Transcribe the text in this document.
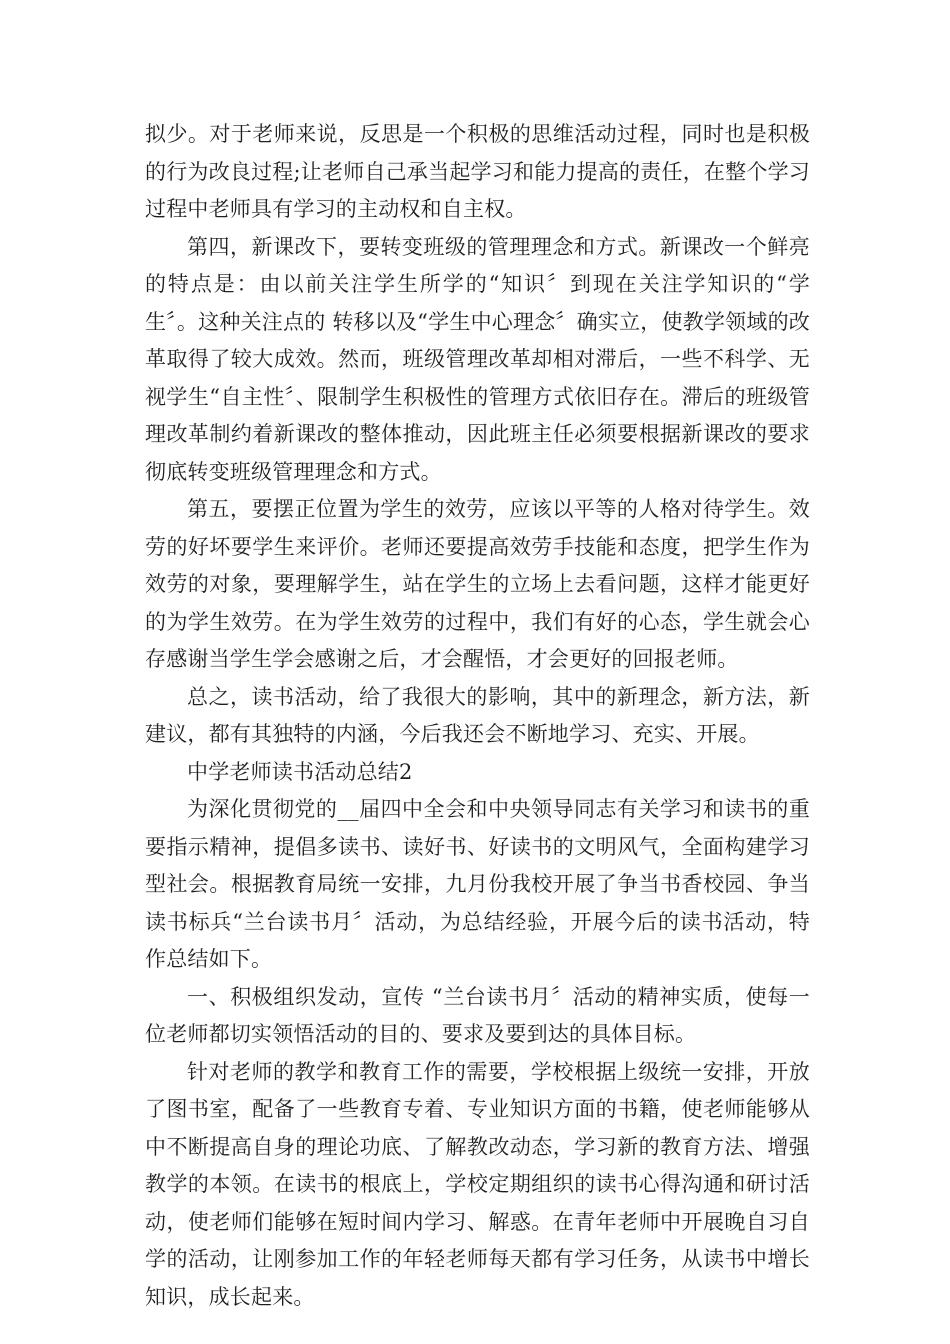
拟少。对于老师来说，反思是一个积极的思维活动过程，同时也是积极的行为改良过程;让老师自己承当起学习和能力提高的责任，在整个学习过程中老师具有学习的主动权和自主权。

第四，新课改下，要转变班级的管理理念和方式。新课改一个鲜亮的特点是：由以前关注学生所学的“知识〞到现在关注学知识的“学生〞。这种关注点的 转移以及“学生中心理念〞确实立，使教学领域的改革取得了较大成效。然而，班级管理改革却相对滞后，一些不科学、无视学生“自主性〞、限制学生积极性的管理方式依旧存在。滞后的班级管理改革制约着新课改的整体推动，因此班主任必须要根据新课改的要求彻底转变班级管理理念和方式。

第五，要摆正位置为学生的效劳，应该以平等的人格对待学生。效劳的好坏要学生来评价。老师还要提高效劳手技能和态度，把学生作为效劳的对象，要理解学生，站在学生的立场上去看问题，这样才能更好的为学生效劳。在为学生效劳的过程中，我们有好的心态，学生就会心存感谢当学生学会感谢之后，才会醒悟，才会更好的回报老师。

总之，读书活动，给了我很大的影响，其中的新理念，新方法，新建议，都有其独特的内涵，今后我还会不断地学习、充实、开展。

中学老师读书活动总结2

为深化贯彻党的__届四中全会和中央领导同志有关学习和读书的重要指示精神，提倡多读书、读好书、好读书的文明风气，全面构建学习型社会。根据教育局统一安排，九月份我校开展了争当书香校园、争当读书标兵“兰台读书月〞活动，为总结经验，开展今后的读书活动，特作总结如下。

一、积极组织发动，宣传 “兰台读书月〞活动的精神实质，使每一位老师都切实领悟活动的目的、要求及要到达的具体目标。

针对老师的教学和教育工作的需要，学校根据上级统一安排，开放了图书室，配备了一些教育专着、专业知识方面的书籍，使老师能够从中不断提高自身的理论功底、了解教改动态，学习新的教育方法、增强教学的本领。在读书的根底上，学校定期组织的读书心得沟通和研讨活动，使老师们能够在短时间内学习、解惑。在青年老师中开展晚自习自学的活动，让刚参加工作的年轻老师每天都有学习任务，从读书中增长知识，成长起来。
